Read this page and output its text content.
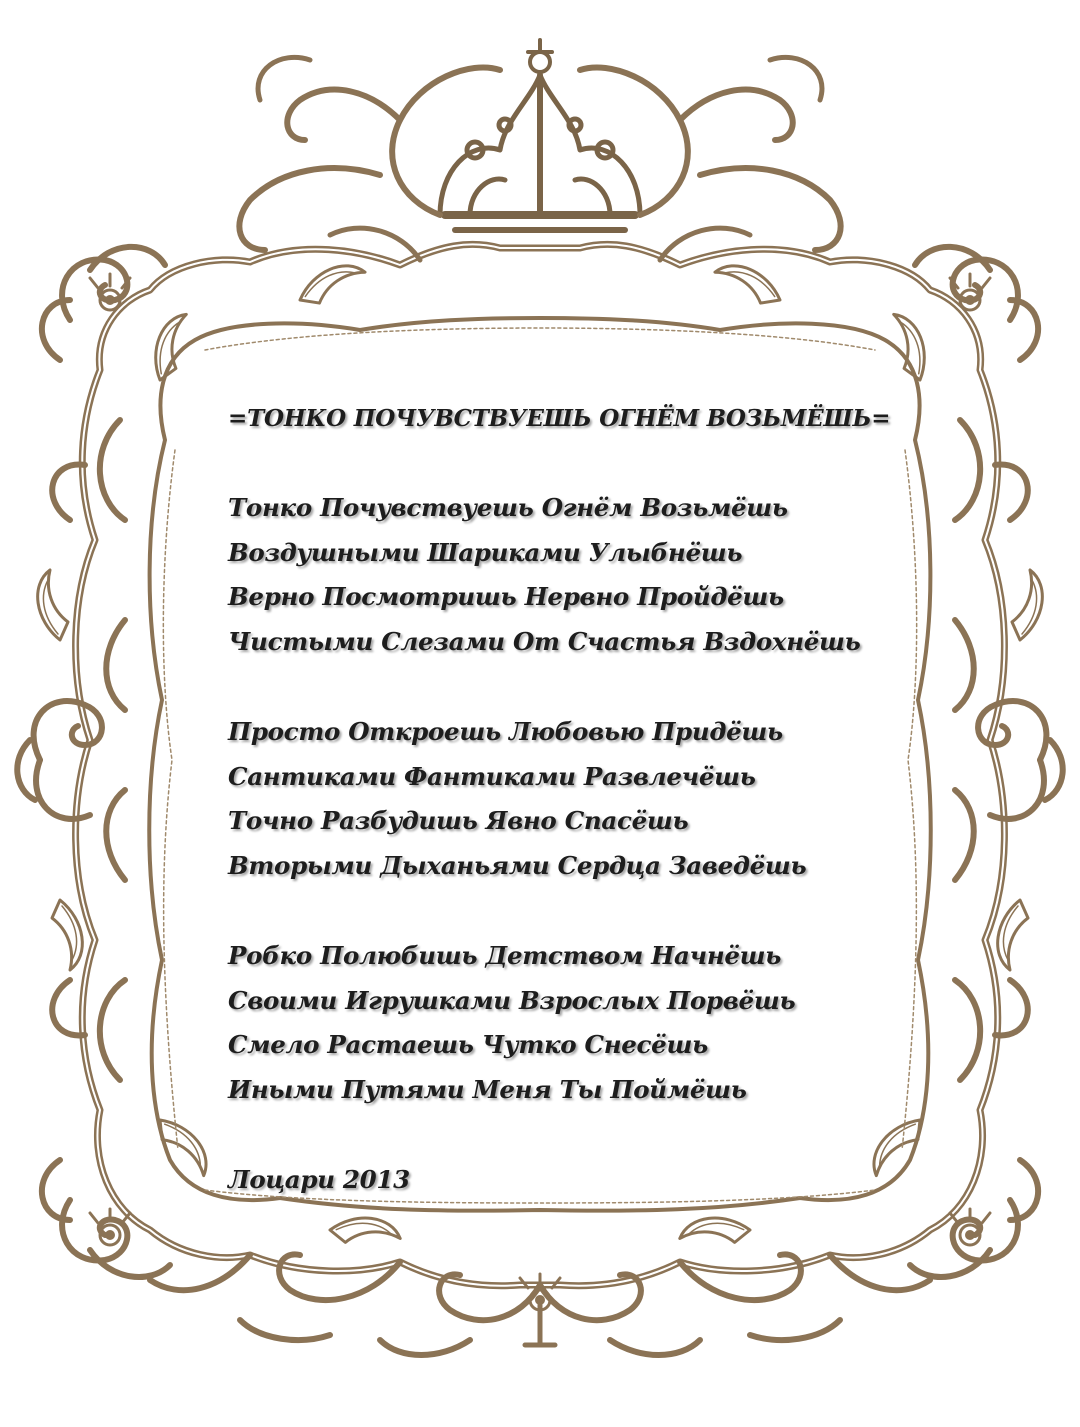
=ТОНКО ПОЧУВСТВУЕШЬ ОГНЁМ ВОЗЬМЁШЬ=
Тонко Почувствуешь Огнём Возьмёшь
Воздушными Шариками Улыбнёшь
Верно Посмотришь Нервно Пройдёшь
Чистыми Слезами От Счастья Вздохнёшь
Просто Откроешь Любовью Придёшь
Сантиками Фантиками Развлечёшь
Точно Разбудишь Явно Спасёшь
Вторыми Дыханьями Сердца Заведёшь
Робко Полюбишь Детством Начнёшь
Своими Игрушками Взрослых Порвёшь
Смело Растаешь Чутко Снесёшь
Иными Путями Меня Ты Поймёшь
Лоцари 2013
